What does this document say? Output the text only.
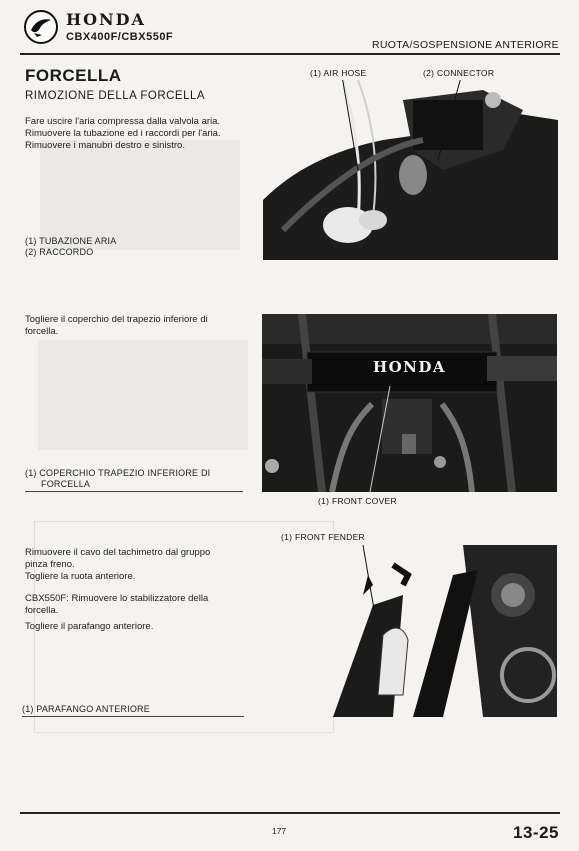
HONDA
CBX400F/CBX550F
RUOTA/SOSPENSIONE ANTERIORE
FORCELLA
RIMOZIONE DELLA FORCELLA
Fare uscire l'aria compressa dalla valvola aria.
Rimuovere la tubazione ed i raccordi per l'aria.
Rimuovere i manubri destro e sinistro.
(1) TUBAZIONE ARIA
(2) RACCORDO
(1) AIR HOSE	(2) CONNECTOR
Togliere il coperchio del trapezio inferiore di
forcella.
(1) COPERCHIO TRAPEZIO INFERIORE DI
FORCELLA
HONDA
(1) FRONT COVER
Rimuovere il cavo del tachimetro dal gruppo
pinza freno.
Togliere la ruota anteriore.
CBX550F: Rimuovere lo stabilizzatore della
forcella.
Togliere il parafango anteriore.
(1) PARAFANGO ANTERIORE
(1) FRONT FENDER
177	13-25
